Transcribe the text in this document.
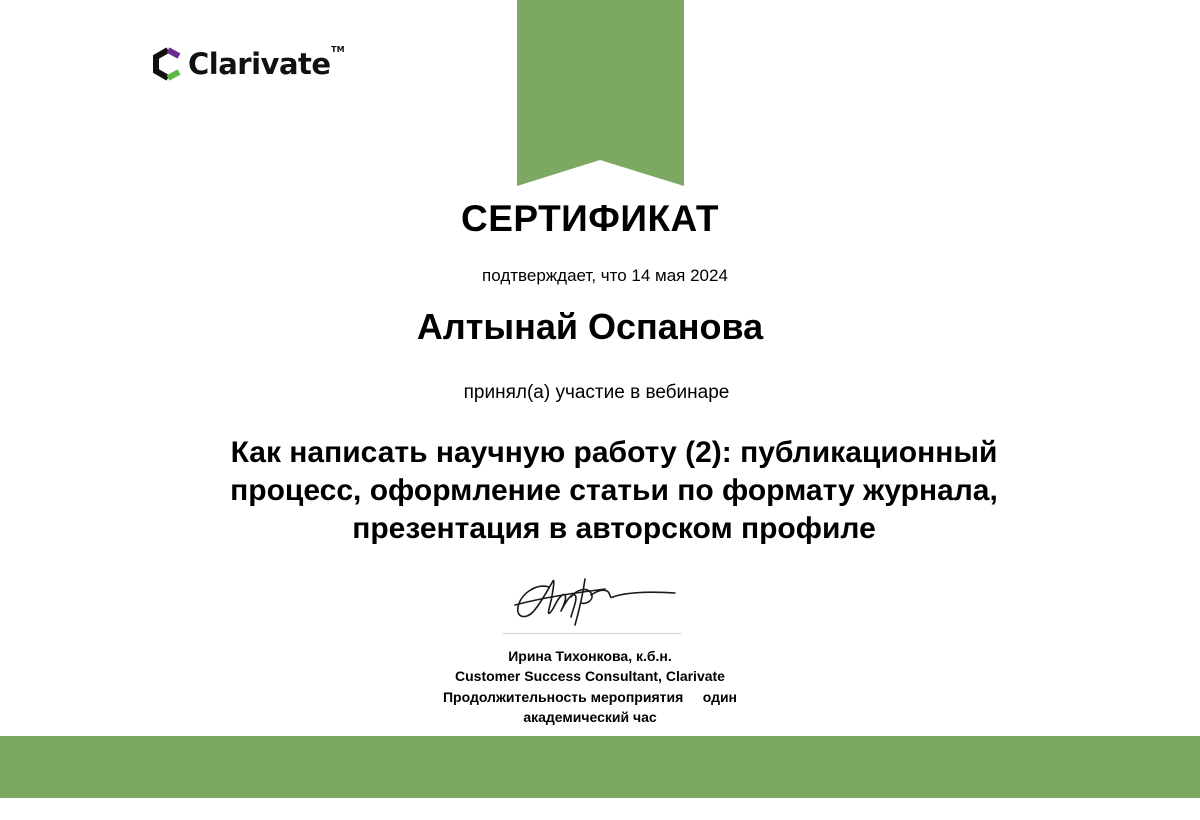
Clarivate TM
СЕРТИФИКАТ
подтверждает, что 14 мая 2024
Алтынай Оспанова
принял(а) участие в вебинаре
Как написать научную работу (2): публикационный
процесс, оформление статьи по формату журнала,
презентация в авторском профиле
Ирина Тихонкова, к.б.н.
Customer Success Consultant, Clarivate
Продолжительность мероприятия     один
академический час
